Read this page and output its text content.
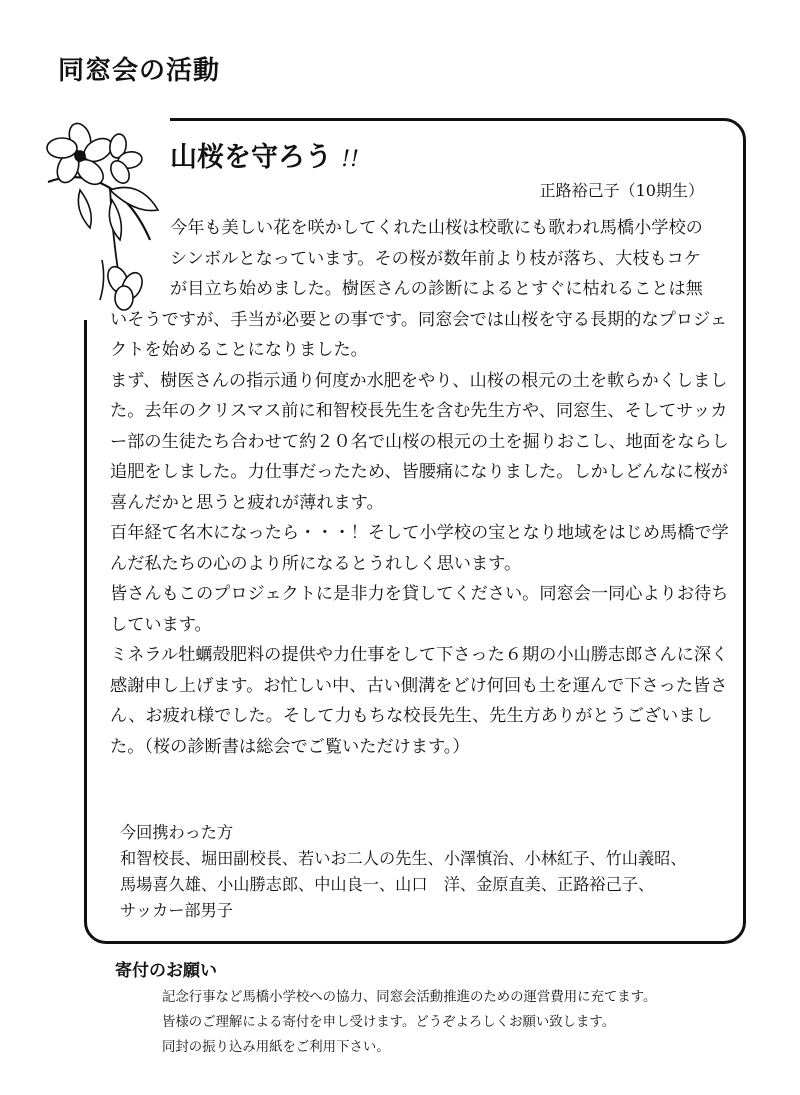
同窓会の活動
山桜を守ろう !!
正路裕己子（10期生）

今年も美しい花を咲かしてくれた山桜は校歌にも歌われ馬橋小学校の

シンボルとなっています。その桜が数年前より枝が落ち、大枝もコケ

が目立ち始めました。樹医さんの診断によるとすぐに枯れることは無

いそうですが、手当が必要との事です。同窓会では山桜を守る長期的なプロジェクトを始めることになりました。

まず、樹医さんの指示通り何度か水肥をやり、山桜の根元の土を軟らかくしました。去年のクリスマス前に和智校長先生を含む先生方や、同窓生、そしてサッカー部の生徒たち合わせて約２０名で山桜の根元の土を掘りおこし、地面をならし追肥をしました。力仕事だったため、皆腰痛になりました。しかしどんなに桜が喜んだかと思うと疲れが薄れます。

百年経て名木になったら・・・！そして小学校の宝となり地域をはじめ馬橋で学んだ私たちの心のより所になるとうれしく思います。

皆さんもこのプロジェクトに是非力を貸してください。同窓会一同心よりお待ちしています。

ミネラル牡蠣殻肥料の提供や力仕事をして下さった６期の小山勝志郎さんに深く感謝申し上げます。お忙しい中、古い側溝をどけ何回も土を運んで下さった皆さん、お疲れ様でした。そして力もちな校長先生、先生方ありがとうございました。（桜の診断書は総会でご覧いただけます。）

今回携わった方

和智校長、堀田副校長、若いお二人の先生、小澤慎治、小林紅子、竹山義昭、

馬場喜久雄、小山勝志郎、中山良一、山口　洋、金原直美、正路裕己子、

サッカー部男子

寄付のお願い

記念行事など馬橋小学校への協力、同窓会活動推進のための運営費用に充てます。

皆様のご理解による寄付を申し受けます。どうぞよろしくお願い致します。

同封の振り込み用紙をご利用下さい。
